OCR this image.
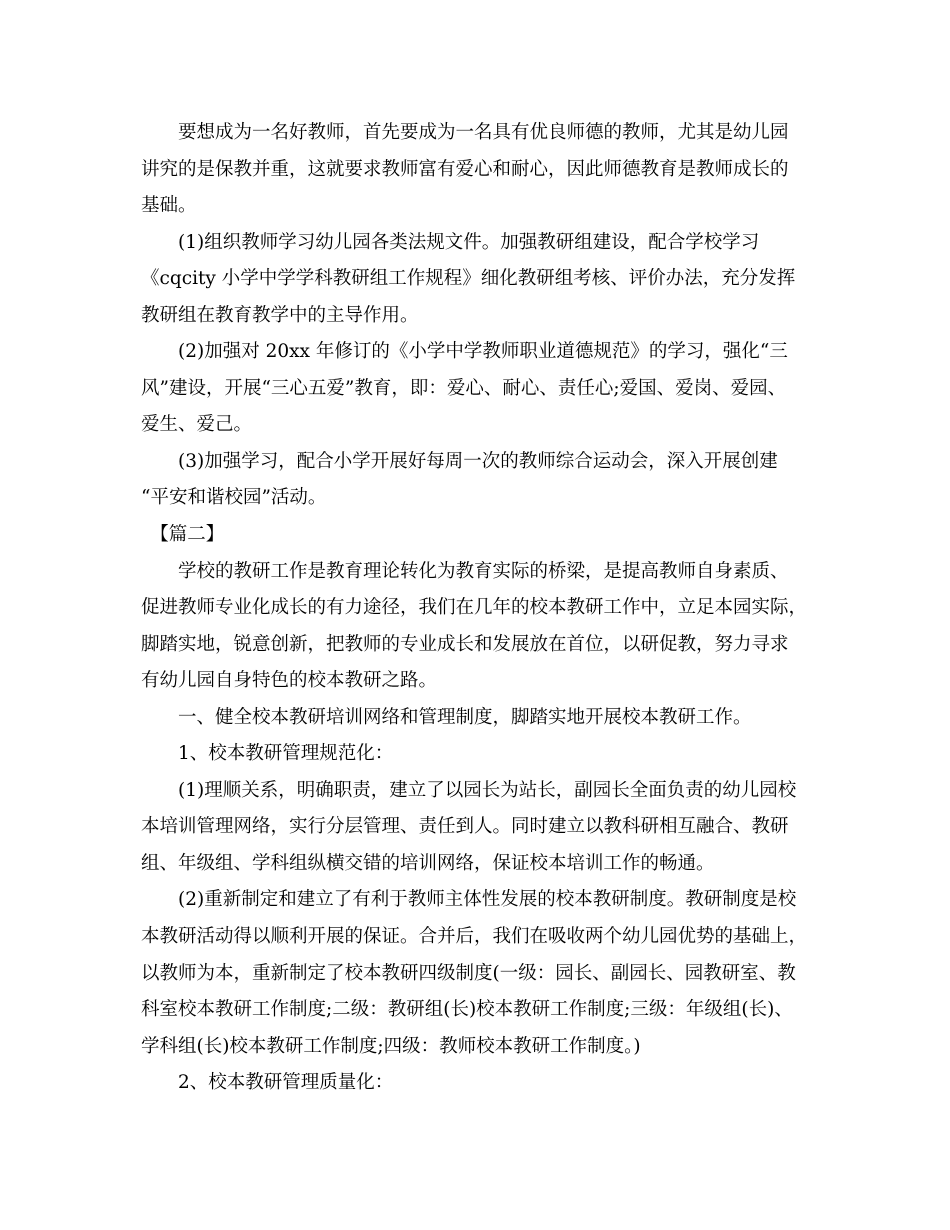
　　要想成为一名好教师，首先要成为一名具有优良师德的教师，尤其是幼儿园
讲究的是保教并重，这就要求教师富有爱心和耐心，因此师德教育是教师成长的
基础。
　　(1)组织教师学习幼儿园各类法规文件。加强教研组建设，配合学校学习
《cqcity 小学中学学科教研组工作规程》细化教研组考核、评价办法，充分发挥
教研组在教育教学中的主导作用。
　　(2)加强对 20xx 年修订的《小学中学教师职业道德规范》的学习，强化“三
风”建设，开展“三心五爱”教育，即：爱心、耐心、责任心;爱国、爱岗、爱园、
爱生、爱己。
　　(3)加强学习，配合小学开展好每周一次的教师综合运动会，深入开展创建
“平安和谐校园”活动。
　【篇二】
　　学校的教研工作是教育理论转化为教育实际的桥梁，是提高教师自身素质、
促进教师专业化成长的有力途径，我们在几年的校本教研工作中，立足本园实际，
脚踏实地，锐意创新，把教师的专业成长和发展放在首位，以研促教，努力寻求
有幼儿园自身特色的校本教研之路。
　　一、健全校本教研培训网络和管理制度，脚踏实地开展校本教研工作。
　　1、校本教研管理规范化：
　　(1)理顺关系，明确职责，建立了以园长为站长，副园长全面负责的幼儿园校
本培训管理网络，实行分层管理、责任到人。同时建立以教科研相互融合、教研
组、年级组、学科组纵横交错的培训网络，保证校本培训工作的畅通。
　　(2)重新制定和建立了有利于教师主体性发展的校本教研制度。教研制度是校
本教研活动得以顺利开展的保证。合并后，我们在吸收两个幼儿园优势的基础上，
以教师为本，重新制定了校本教研四级制度(一级：园长、副园长、园教研室、教
科室校本教研工作制度;二级：教研组(长)校本教研工作制度;三级：年级组(长)、
学科组(长)校本教研工作制度;四级：教师校本教研工作制度。)
　　2、校本教研管理质量化：
